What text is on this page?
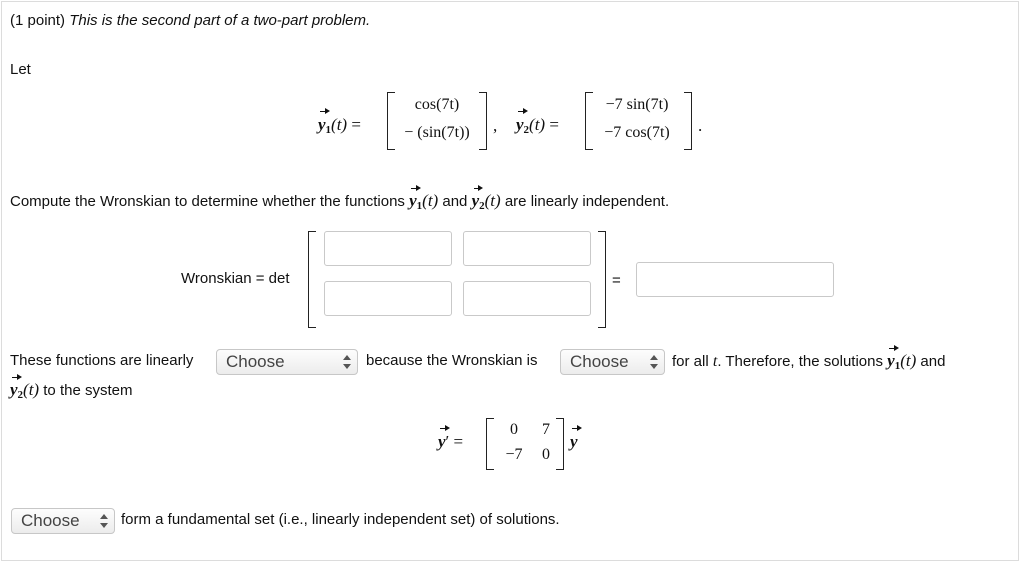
(1 point) This is the second part of a two-part problem.
Let
$y_1(t)$ =
cos(7t)
− (sin(7t))	, $y_2(t)$ =
−7 sin(7t)
−7 cos(7t)	.
Compute the Wronskian to determine whether the functions $y_1(t)$ and $y_2(t)$ are linearly independent.
Wronskian = det	=
These functions are linearly	Choose	because the Wronskian is	Choose	for all t. Therefore, the solutions $y_1(t)$ and
$y_2(t)$ to the system
y′ =
0	7
−7	0
y
Choose	form a fundamental set (i.e., linearly independent set) of solutions.
